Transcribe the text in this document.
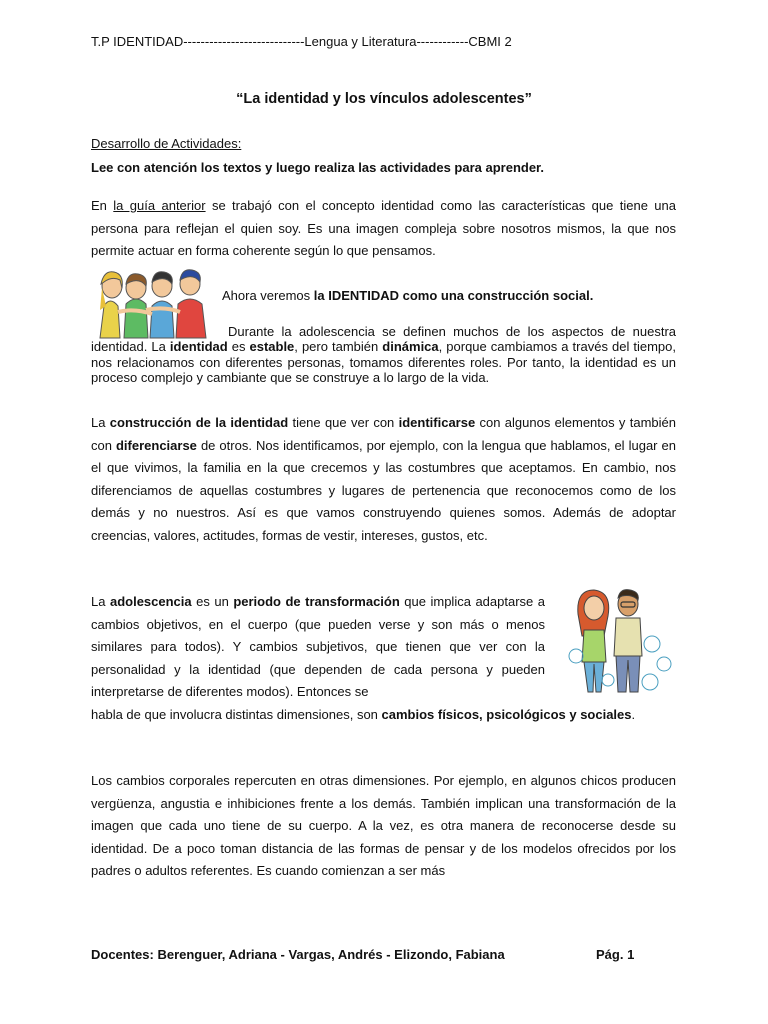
T.P IDENTIDAD----------------------------Lengua y Literatura------------CBMI 2
“La identidad y los vínculos adolescentes”
Desarrollo de Actividades:
Lee con atención los textos y luego realiza las actividades para aprender.

En la guía anterior se trabajó con el concepto identidad como las características que tiene una persona para reflejan el quien soy. Es una imagen compleja sobre nosotros mismos, la que nos permite actuar en forma coherente según lo que pensamos.

Ahora veremos la IDENTIDAD como una construcción social.

Durante la adolescencia se definen muchos de los aspectos de nuestra identidad. La identidad es estable, pero también dinámica, porque cambiamos a través del tiempo, nos relacionamos con diferentes personas, tomamos diferentes roles. Por tanto, la identidad es un proceso complejo y cambiante que se construye a lo largo de la vida.

La construcción de la identidad tiene que ver con identificarse con algunos elementos y también con diferenciarse de otros. Nos identificamos, por ejemplo, con la lengua que hablamos, el lugar en el que vivimos, la familia en la que crecemos y las costumbres que aceptamos. En cambio, nos diferenciamos de aquellas costumbres y lugares de pertenencia que reconocemos como de los demás y no nuestros. Así es que vamos construyendo quienes somos. Además de adoptar creencias, valores, actitudes, formas de vestir, intereses, gustos, etc.

La adolescencia es un periodo de transformación que implica adaptarse a cambios objetivos, en el cuerpo (que pueden verse y son más o menos similares para todos). Y cambios subjetivos, que tienen que ver con la personalidad y la identidad (que dependen de cada persona y pueden interpretarse de diferentes modos). Entonces se

habla de que involucra distintas dimensiones, son cambios físicos, psicológicos y sociales.

Los cambios corporales repercuten en otras dimensiones. Por ejemplo, en algunos chicos producen vergüenza, angustia e inhibiciones frente a los demás. También implican una transformación de la imagen que cada uno tiene de su cuerpo. A la vez, es otra manera de reconocerse desde su identidad. De a poco toman distancia de las formas de pensar y de los modelos ofrecidos por los padres o adultos referentes. Es cuando comienzan a ser más
Docentes: Berenguer, Adriana - Vargas, Andrés - Elizondo, Fabiana	Pág. 1
